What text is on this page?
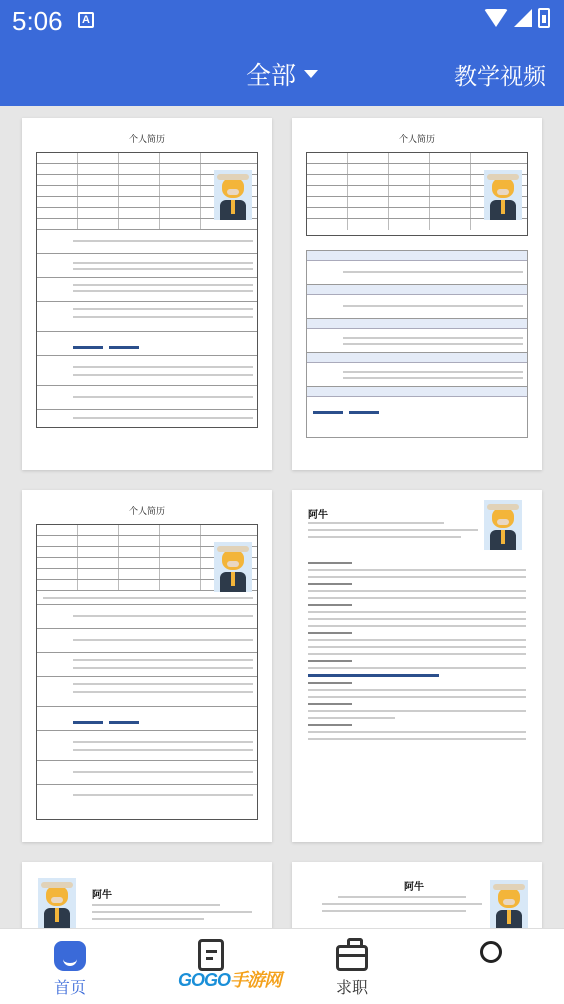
5:06	A
全部	教学视频
个人简历	个人简历
个人简历	阿牛
阿牛
阿牛
首页	求职
GOGO手游网
